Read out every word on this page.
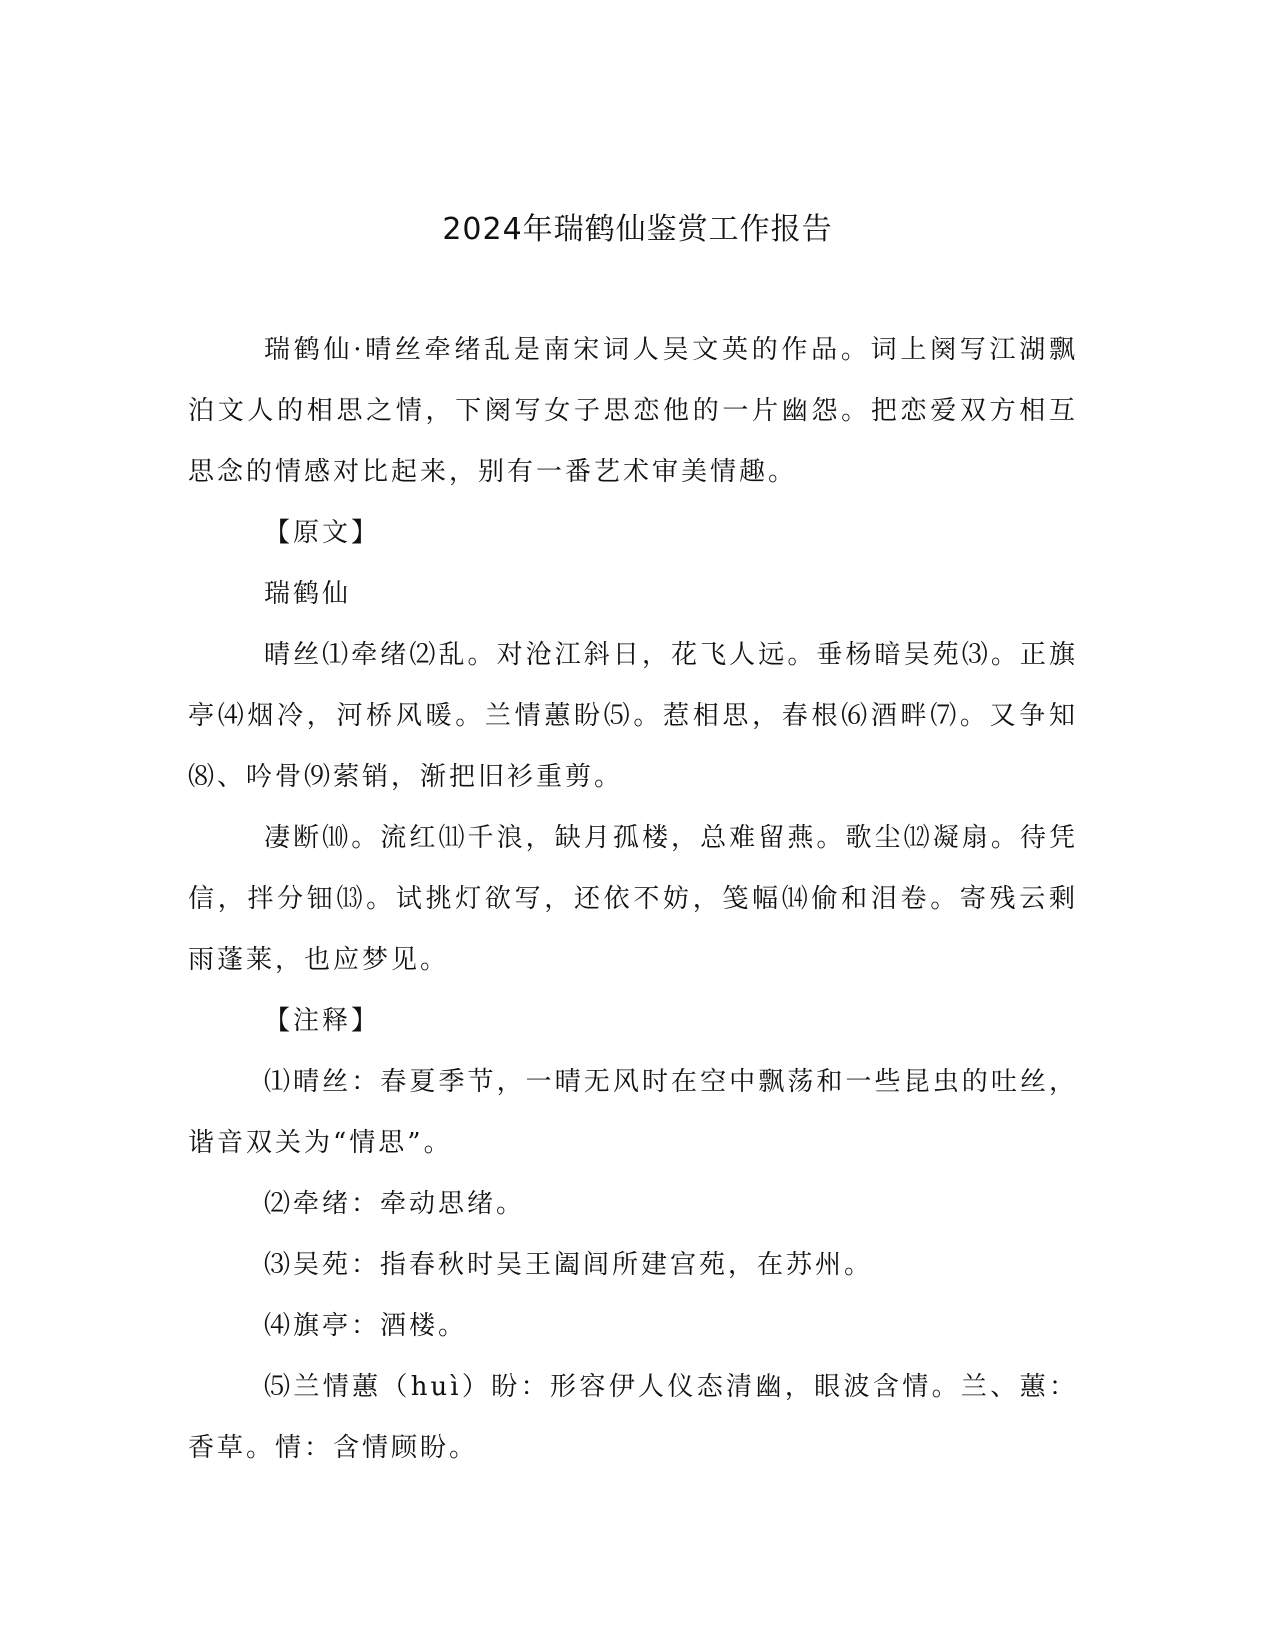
2024年瑞鹤仙鉴赏工作报告

瑞鹤仙·晴丝牵绪乱是南宋词人吴文英的作品。词上阕写江湖飘泊文人的相思之情，下阕写女子思恋他的一片幽怨。把恋爱双方相互思念的情感对比起来，别有一番艺术审美情趣。

【原文】

瑞鹤仙

晴丝⑴牵绪⑵乱。对沧江斜日，花飞人远。垂杨暗吴苑⑶。正旗亭⑷烟冷，河桥风暖。兰情蕙盼⑸。惹相思，春根⑹酒畔⑺。又争知⑻、吟骨⑼萦销，渐把旧衫重剪。

凄断⑽。流红⑾千浪，缺月孤楼，总难留燕。歌尘⑿凝扇。待凭信，拌分钿⒀。试挑灯欲写，还依不妨，笺幅⒁偷和泪卷。寄残云剩雨蓬莱，也应梦见。

【注释】

⑴晴丝：春夏季节，一晴无风时在空中飘荡和一些昆虫的吐丝，谐音双关为“情思”。

⑵牵绪：牵动思绪。

⑶吴苑：指春秋时吴王阖闾所建宫苑，在苏州。

⑷旗亭：酒楼。

⑸兰情蕙（huì）盼：形容伊人仪态清幽，眼波含情。兰、蕙：香草。情：含情顾盼。
